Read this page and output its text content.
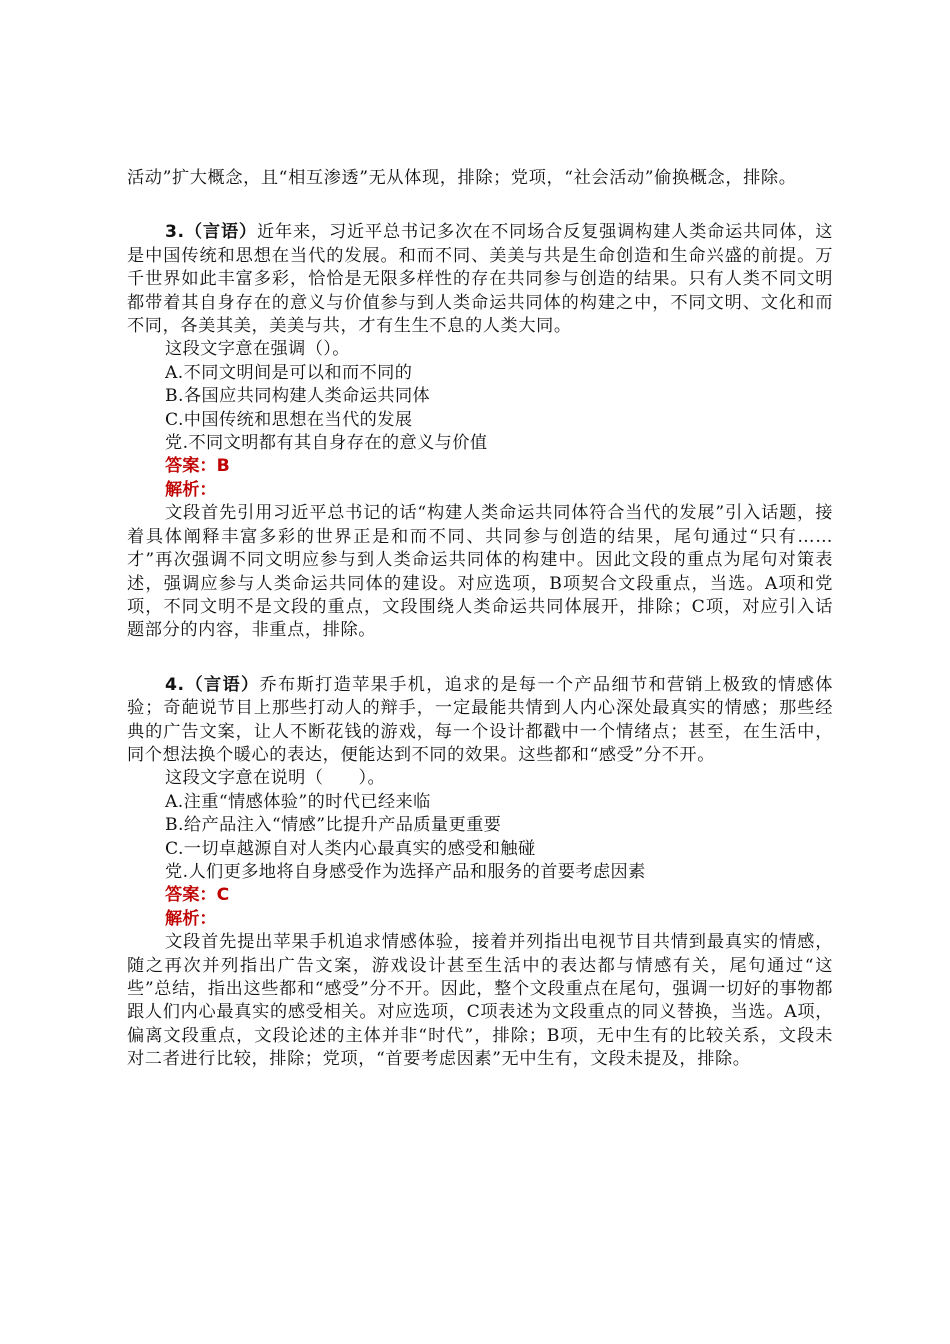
活动”扩大概念，且“相互渗透”无从体现，排除；党项，“社会活动”偷换概念，排除。

3.（言语）近年来，习近平总书记多次在不同场合反复强调构建人类命运共同体，这是中国传统和思想在当代的发展。和而不同、美美与共是生命创造和生命兴盛的前提。万千世界如此丰富多彩，恰恰是无限多样性的存在共同参与创造的结果。只有人类不同文明都带着其自身存在的意义与价值参与到人类命运共同体的构建之中，不同文明、文化和而不同，各美其美，美美与共，才有生生不息的人类大同。

这段文字意在强调（）。

A.不同文明间是可以和而不同的

B.各国应共同构建人类命运共同体

C.中国传统和思想在当代的发展

党.不同文明都有其自身存在的意义与价值

答案：B

解析：

文段首先引用习近平总书记的话“构建人类命运共同体符合当代的发展”引入话题，接着具体阐释丰富多彩的世界正是和而不同、共同参与创造的结果，尾句通过“只有……才”再次强调不同文明应参与到人类命运共同体的构建中。因此文段的重点为尾句对策表述，强调应参与人类命运共同体的建设。对应选项，B项契合文段重点，当选。A项和党项，不同文明不是文段的重点，文段围绕人类命运共同体展开，排除；C项，对应引入话题部分的内容，非重点，排除。

4.（言语）乔布斯打造苹果手机，追求的是每一个产品细节和营销上极致的情感体验；奇葩说节目上那些打动人的辩手，一定最能共情到人内心深处最真实的情感；那些经典的广告文案，让人不断花钱的游戏，每一个设计都戳中一个情绪点；甚至，在生活中，同个想法换个暖心的表达，便能达到不同的效果。这些都和“感受”分不开。

这段文字意在说明（　　）。

A.注重“情感体验”的时代已经来临

B.给产品注入“情感”比提升产品质量更重要

C.一切卓越源自对人类内心最真实的感受和触碰

党.人们更多地将自身感受作为选择产品和服务的首要考虑因素

答案：C

解析：

文段首先提出苹果手机追求情感体验，接着并列指出电视节目共情到最真实的情感，随之再次并列指出广告文案，游戏设计甚至生活中的表达都与情感有关，尾句通过“这些”总结，指出这些都和“感受”分不开。因此，整个文段重点在尾句，强调一切好的事物都跟人们内心最真实的感受相关。对应选项，C项表述为文段重点的同义替换，当选。A项，偏离文段重点，文段论述的主体并非“时代”，排除；B项，无中生有的比较关系，文段未对二者进行比较，排除；党项，“首要考虑因素”无中生有，文段未提及，排除。
